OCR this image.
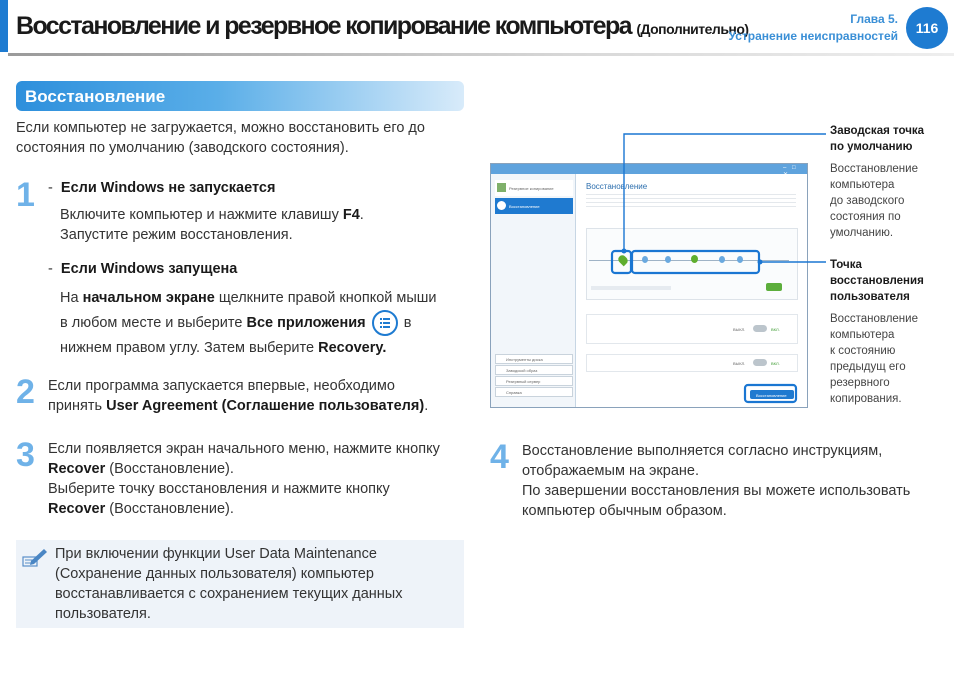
Восстановление и резервное копирование компьютера (Дополнительно)
Глава 5.
Устранение неисправностей	116
Восстановление
Если компьютер не загружается, можно восстановить его до
состояния по умолчанию (заводского состояния).
1 - Если Windows не запускается
Включите компьютер и нажмите клавишу F4.
Запустите режим восстановления.
- Если Windows запущена
На начальном экране щелкните правой кнопкой мыши
в любом месте и выберите Все приложения	в
нижнем правом углу. Затем выберите Recovery.
2 Если программа запускается впервые, необходимо
принять User Agreement (Соглашение пользователя).
3 Если появляется экран начального меню, нажмите кнопку
Recover (Восстановление).
Выберите точку восстановления и нажмите кнопку
Recover (Восстановление).
При включении функции User Data Maintenance
(Сохранение данных пользователя) компьютер
восстанавливается с сохранением текущих данных
пользователя.
– □
Резервное копирование
Восстановление
Инструменты диска
Заводской образ
Резервный сервер
Справка
Восстановление
ВЫКЛ.	ВКЛ.
ВЫКЛ.	ВКЛ.
Восстановление
Заводская точка
по умолчанию
Восстановление
компьютера
до заводского
состояния по
умолчанию.
Точка
восстановления
пользователя
Восстановление
компьютера
к состоянию
предыдущ его
резервного
копирования.
4 Восстановление выполняется согласно инструкциям,
отображаемым на экране.
По завершении восстановления вы можете использовать
компьютер обычным образом.
